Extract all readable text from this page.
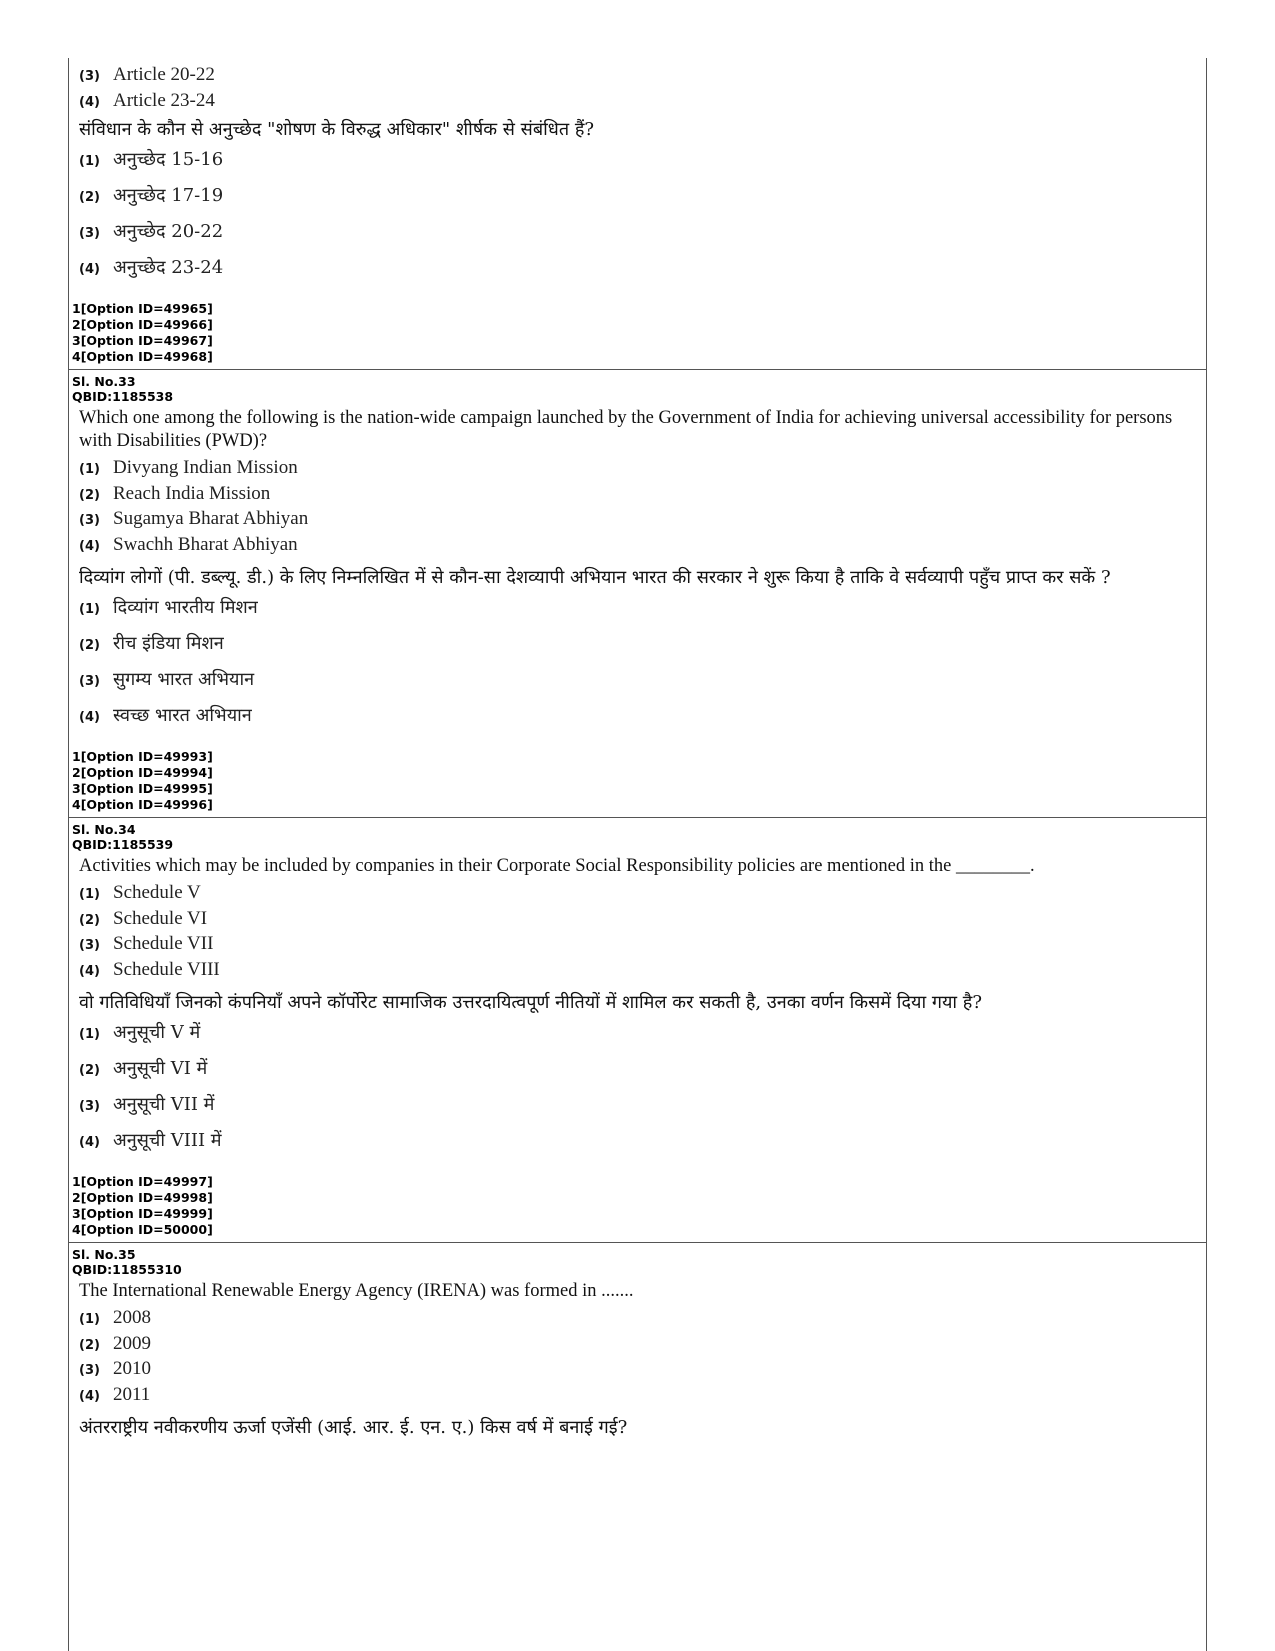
(3) Article 20-22
(4) Article 23-24
संविधान के कौन से अनुच्छेद "शोषण के विरुद्ध अधिकार" शीर्षक से संबंधित हैं?
(1) अनुच्छेद 15-16
(2) अनुच्छेद 17-19
(3) अनुच्छेद 20-22
(4) अनुच्छेद 23-24
1[Option ID=49965]
2[Option ID=49966]
3[Option ID=49967]
4[Option ID=49968]
Sl. No.33
QBID:1185538
Which one among the following is the nation-wide campaign launched by the Government of India for achieving universal accessibility for persons with Disabilities (PWD)?
(1) Divyang Indian Mission
(2) Reach India Mission
(3) Sugamya Bharat Abhiyan
(4) Swachh Bharat Abhiyan
दिव्यांग लोगों (पी. डब्ल्यू. डी.) के लिए निम्नलिखित में से कौन-सा देशव्यापी अभियान भारत की सरकार ने शुरू किया है ताकि वे सर्वव्यापी पहुँच प्राप्त कर सकें ?
(1) दिव्यांग भारतीय मिशन
(2) रीच इंडिया मिशन
(3) सुगम्य भारत अभियान
(4) स्वच्छ भारत अभियान
1[Option ID=49993]
2[Option ID=49994]
3[Option ID=49995]
4[Option ID=49996]
Sl. No.34
QBID:1185539
Activities which may be included by companies in their Corporate Social Responsibility policies are mentioned in the ________.
(1) Schedule V
(2) Schedule VI
(3) Schedule VII
(4) Schedule VIII
वो गतिविधियाँ जिनको कंपनियाँ अपने कॉर्पोरेट सामाजिक उत्तरदायित्वपूर्ण नीतियों में शामिल कर सकती है, उनका वर्णन किसमें दिया गया है?
(1) अनुसूची V में
(2) अनुसूची VI में
(3) अनुसूची VII में
(4) अनुसूची VIII में
1[Option ID=49997]
2[Option ID=49998]
3[Option ID=49999]
4[Option ID=50000]
Sl. No.35
QBID:11855310
The International Renewable Energy Agency (IRENA) was formed in .......
(1) 2008
(2) 2009
(3) 2010
(4) 2011
अंतरराष्ट्रीय नवीकरणीय ऊर्जा एजेंसी (आई. आर. ई. एन. ए.) किस वर्ष में बनाई गई?
